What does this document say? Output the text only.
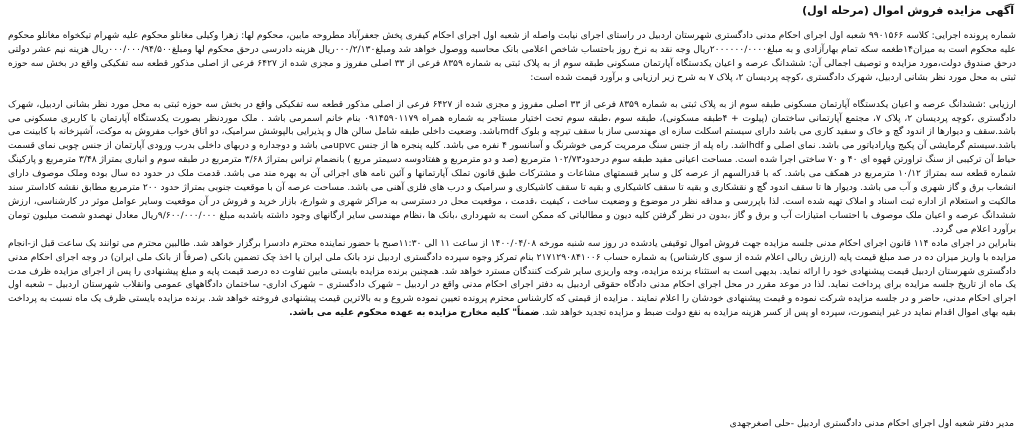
آگهی مزایده فروش اموال (مرحله اول)

شماره پرونده اجرایی: کلاسه ۹۹۰۱۵۶۶ شعبه اول اجرای احکام مدنی دادگستری شهرستان اردبیل در راستای اجرای نیابت واصله از شعبه اول اجرای احکام کیفری پخش جعفرآباد مطروحه مابین، محکوم لها: زهرا وکیلی مغانلو محکوم علیه شهرام تیکخواه مغانلو محکوم علیه محکوم است به میزان۱۴طغمه سکه تمام بهارآزادی و به مبلغ۲۰۰۰۰۰۰/۰۰۰۰ریال وجه نقد به نرخ روز باحتساب شاخص اعلامی بانک محاسبه ووصول خواهد شد ومبلغ۰۰۰/۲/۱۳۰ریال هزینه دادرسی درحق محکوم لها ومبلغ۰۰۰/۰۰۰/۹۴/۵۰۰ریال هزینه نیم عشر دولتی درحق صندوق دولت،مورد مزایده و توصیف اجمالی آن: ششدانگ عرصه و اعیان یکدستگاه آپارتمان مسکونی طبقه سوم از به پلاک ثبتی به شماره ۸۳۵۹ فرعی از ۳۳ اصلی مفروز و مجزی شده از ۶۴۲۷ فرعی از اصلی مذکور قطعه سه تفکیکی واقع در بخش سه حوزه ثبتی به محل مورد نظر بشانی اردبیل، شهرک دادگستری ،کوچه پردیسان ۲، پلاک ۷ به شرح زیر ارزیابی و برآورد قیمت شده است:

ارزیابی :ششدانگ عرصه و اعیان یکدستگاه آپارتمان مسکونی طبقه سوم از به پلاک ثبتی به شماره ۸۳۵۹ فرعی از ۳۳ اصلی مفروز و مجزی شده از ۶۴۲۷ فرعی از اصلی مذکور قطعه سه تفکیکی واقع در بخش سه حوزه ثبتی به محل مورد نظر بشانی اردبیل، شهرک دادگستری ،کوچه پردیسان ۲، پلاک ۷، مجتمع آپارتمانی ساختمان (پیلوت + ۴طبقه مسکونی)، طبقه سوم ،طبقه سوم تحت اختیار مستاجر به شماره همراه ۰۹۱۴۵۹۰۱۱۷۹ بنام خانم اسمرمی باشد . ملک موردنظر بصورت یکدستگاه آپارتمان با کاربری مسکونی می باشد.سقف و دیوارها از اندود گچ و خاک و سفید کاری می باشد دارای سیستم اسکلت سازه ای مهندسی ساز با سقف تیرچه و بلوک mdfباشد. وضعیت داخلی طبقه شامل سالن هال و پذیرایی بالپوشش سرامیک، دو اتاق خواب مفروش به موکت، آشپزخانه با کابینت می باشد.سیستم گرمایشی آن پکیج وپارادیاتور می باشد. نمای اصلی و hdfاشد. راه پله از جنس سنگ مرمریت کرمی خوشرنگ و آسانسور ۴ نفره می باشد. کلیه پنجره ها از جنس upvcمی باشد و دوجداره و دربهای داخلی بدرب ورودی آپارتمان از جنس چوبی نمای قسمت حیاط آن ترکیبی از سنگ تراورتن قهوه ای ۴۰ و ۷۰ ساختی اجرا شده است. مساحت اعیانی مفید طبقه سوم درحدود۱۰۲/۷۳ مترمربع (صد و دو مترمربع و هفتادوسه دسیمتر مربع ) بانضمام تراس بمتراژ ۳/۶۸ مترمربع در طبقه سوم و انباری بمتراژ ۳/۴۸ مترمربع و پارکینگ شماره قطعه سه بمتراژ ۱۰/۱۲ مترمربع در همکف می باشد. که با قدرالسهم از عرصه کل و سایر قسمتهای مشاعات و مشترکات طبق قانون تملک آپارتمانها و آئین نامه های اجرائی آن به بهره مند می باشد. قدمت ملک در حدود ده سال بوده وملک موصوف دارای انشعاب برق و گاز شهری و آب می باشد. ودیوار ها تا سقف اندود گچ و نقشکاری و بقیه تا سقف کاشیکاری و بقیه تا سقف کاشیکاری و سرامیک و درب های فلزی آهنی می باشد. مساحت عرصه آن با موقعیت جنوبی بمتراژ حدود ۲۰۰ مترمربع مطابق نقشه کاداستر سند مالکیت و استعلام از اداره ثبت اسناد و املاک تهیه شده است. لذا باپررسی و مداقه نظر در موضوع و وضعیت ساخت ، کیفیت ،قدمت ، موقعیت محل در دسترسی به مراکز شهری و شوارع، بازار خرید و فروش در آن موقعیت وسایر عوامل موثر در کارشناسی، ارزش ششدانگ عرصه و اعیان ملک موصوف با احتساب امتیازات آب و برق و گاز ،بدون در نظر گرفتن کلیه دیون و مطالباتی که ممکن است به شهرداری ،بانک ها ،نظام مهندسی سایر ارگانهای وجود داشته باشدبه مبلغ ۹/۶۰۰/۰۰۰/۰۰۰ریال معادل نهصدو شصت میلیون تومان برآورد اعلام می گردد.

بنابراین در اجرای ماده ۱۱۴ قانون اجرای احکام مدنی جلسه مزایده جهت فروش اموال توقیفی یادشده در روز سه شنبه مورخه ۱۴۰۰/۰۴/۰۸ از ساعت ۱۱ الی ۱۱:۳۰صبح با حضور نماینده محترم دادسرا برگزار خواهد شد. طالبین محترم می توانند یک ساعت قبل از-انجام مزایده با واریز میزان ده در صد مبلغ قیمت پایه (ارزش ریالی اعلام شده از سوی کارشناس) به شماره حساب ۲۱۷۱۲۹۰۸۴۱۰۰۶ بنام تمرکز وجوه سپرده دادگستری اردبیل نزد بانک ملی ایران یا اخذ چک تضمین بانکی (صرفاً از بانک ملی ایران) در وجه اجرای احکام مدنی دادگستری شهرستان اردبیل قیمت پیشنهادی خود را ارائه نماید. بدیهی است به استثناء برنده مزایده، وجه واریزی سایر شرکت کنندگان مسترد خواهد شد. همچنین برنده مزایده بایستی مابین تفاوت ده درصد قیمت پایه و مبلغ پیشنهادی را پس از اجرای مزایده ظرف مدت یک ماه از تاریخ جلسه مزایده برای پرداخت نماید. لذا در موعد مقرر در محل اجرای احکام مدنی دادگاه حقوقی اردبیل به دفتر اجرای احکام مدنی واقع در اردبیل – شهرک دادگستری – شهرک اداری- ساختمان دادگاههای عمومی وانقلاب شهرستان اردبیل – شعبه اول اجرای احکام مدنی، حاضر و در جلسه مزایده شرکت نموده و قیمت پیشنهادی خودشان را اعلام نمایند . مزایده از قیمتی که کارشناس محترم پرونده تعیین نموده شروع و به بالاترین قیمت پیشنهادی فروخته خواهد شد. برنده مزایده بایستی ظرف یک ماه نسبت به پرداخت بقیه بهای اموال اقدام نماید در غیر اینصورت، سپرده او پس از کسر هزینه مزایده به نفع دولت ضبط و مزایده تجدید خواهد شد. ضمناً" کلیه مخارج مزایده به عهده محکوم علیه می باشد.

مدیر دفتر شعبه اول اجرای احکام مدنی دادگستری اردبیل -حلی اصغرجهدی
